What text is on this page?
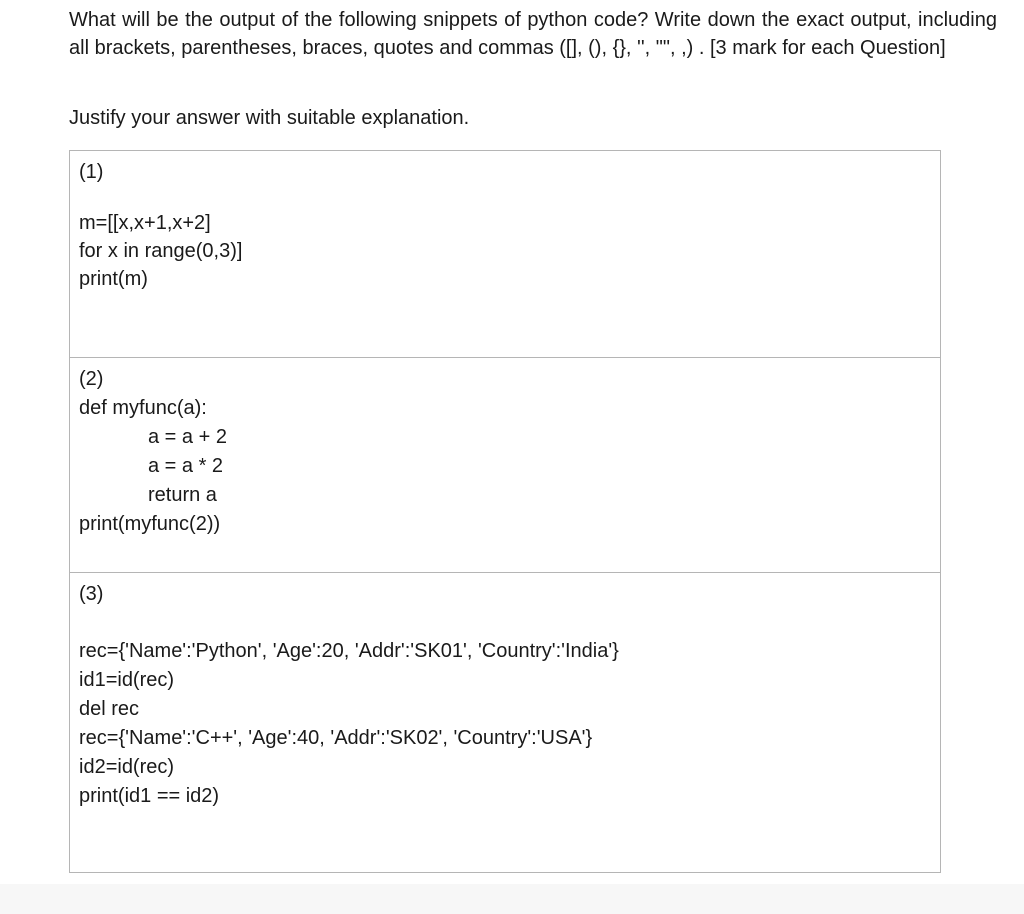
What will be the output of the following snippets of python code? Write down the exact output, including all brackets, parentheses, braces, quotes and commas ([], (), {}, '', "", ,) . [3 mark for each Question]
Justify your answer with suitable explanation.
(1)
m=[[x,x+1,x+2]
for x in range(0,3)]
print(m)
(2)
def myfunc(a):
a = a + 2
a = a * 2
return a
print(myfunc(2))
(3)
rec={'Name':'Python', 'Age':20, 'Addr':'SK01', 'Country':'India'}
id1=id(rec)
del rec
rec={'Name':'C++', 'Age':40, 'Addr':'SK02', 'Country':'USA'}
id2=id(rec)
print(id1 == id2)
